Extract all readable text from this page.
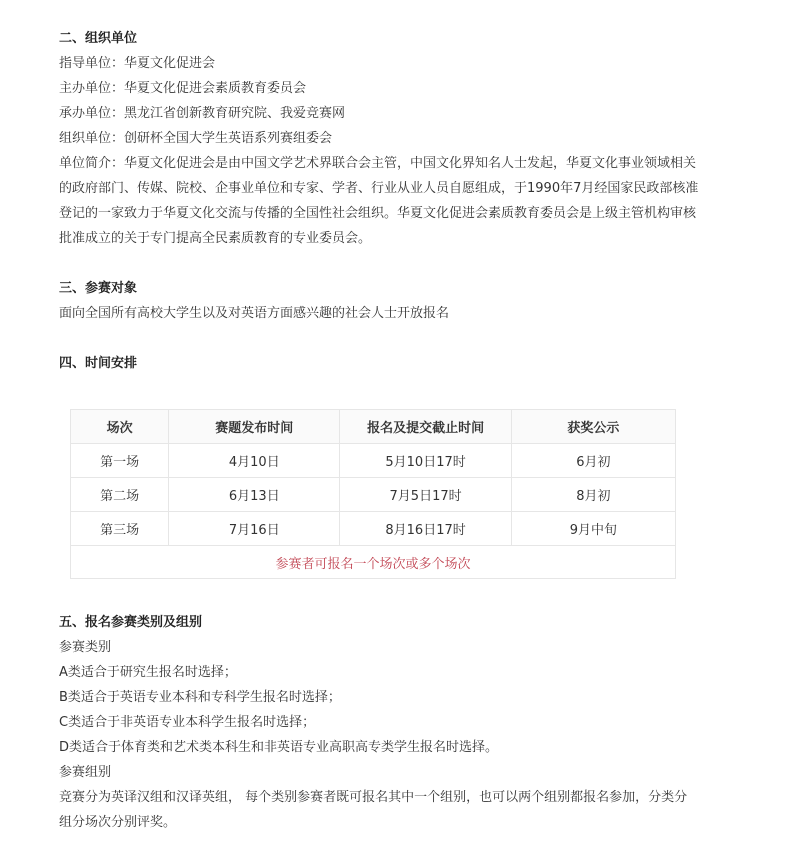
二、组织单位

指导单位：华夏文化促进会

主办单位：华夏文化促进会素质教育委员会

承办单位：黑龙江省创新教育研究院、我爱竞赛网

组织单位：创研杯全国大学生英语系列赛组委会

单位简介：华夏文化促进会是由中国文学艺术界联合会主管，中国文化界知名人士发起，华夏文化事业领域相关的政府部门、传媒、院校、企事业单位和专家、学者、行业从业人员自愿组成，于1990年7月经国家民政部核准登记的一家致力于华夏文化交流与传播的全国性社会组织。华夏文化促进会素质教育委员会是上级主管机构审核批准成立的关于专门提高全民素质教育的专业委员会。

三、参赛对象

面向全国所有高校大学生以及对英语方面感兴趣的社会人士开放报名

四、时间安排

场次	赛题发布时间	报名及提交截止时间	获奖公示
第一场	4月10日	5月10日17时	6月初
第二场	6月13日	7月5日17时	8月初
第三场	7月16日	8月16日17时	9月中旬
参赛者可报名一个场次或多个场次			

五、报名参赛类别及组别

参赛类别

A类适合于研究生报名时选择；

B类适合于英语专业本科和专科学生报名时选择；

C类适合于非英语专业本科学生报名时选择；

D类适合于体育类和艺术类本科生和非英语专业高职高专类学生报名时选择。

参赛组别

竞赛分为英译汉组和汉译英组， 每个类别参赛者既可报名其中一个组别，也可以两个组别都报名参加，分类分组分场次分别评奖。
